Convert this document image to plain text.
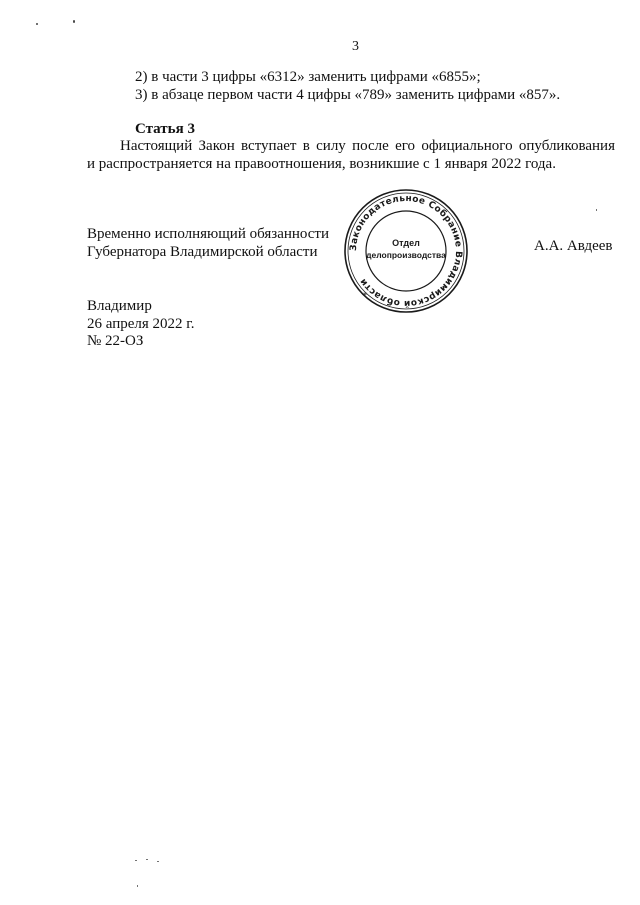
3
2) в части 3 цифры «6312» заменить цифрами «6855»;
3) в абзаце первом части 4 цифры «789» заменить цифрами «857».
Статья 3
Настоящий Закон вступает в силу после его официального опубликования
и распространяется на правоотношения, возникшие с 1 января 2022 года.
Временно исполняющий обязанности
Губернатора Владимирской области	А.А. Авдеев
Законодательное Собрание Владимирской области
*
Отдел
делопроизводства
Владимир
26 апреля 2022 г.
№ 22-ОЗ
